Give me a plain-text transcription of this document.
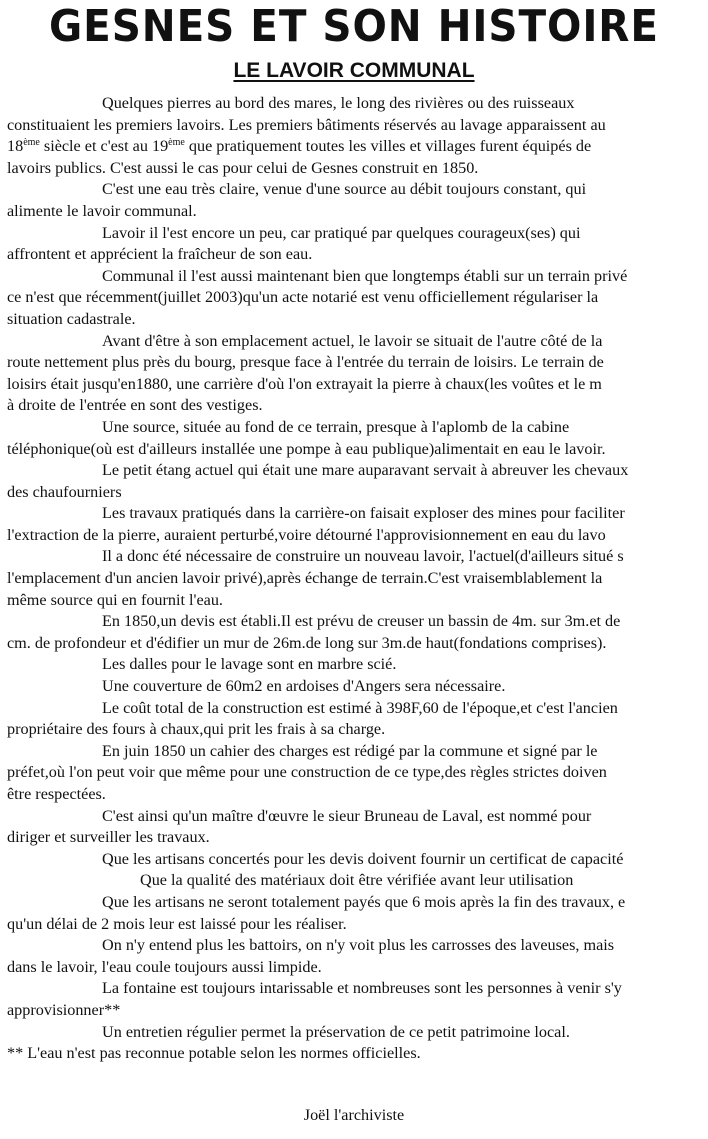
GESNES ET SON HISTOIRE
LE LAVOIR COMMUNAL
Quelques pierres au bord des mares, le long des rivières ou des ruisseaux
constituaient les premiers lavoirs. Les premiers bâtiments réservés au lavage apparaissent au
18ème siècle et c'est au 19ème que pratiquement toutes les villes et villages furent équipés de
lavoirs publics. C'est aussi le cas pour celui de Gesnes construit en 1850.
C'est une eau très claire, venue d'une source au débit toujours constant, qui
alimente le lavoir communal.
Lavoir il l'est encore un peu, car pratiqué par quelques courageux(ses) qui
affrontent et apprécient la fraîcheur de son eau.
Communal il l'est aussi maintenant bien que longtemps établi sur un terrain privé
ce n'est que récemment(juillet 2003)qu'un acte notarié est venu officiellement régulariser la
situation cadastrale.
Avant d'être à son emplacement actuel, le lavoir se situait de l'autre côté de la
route nettement plus près du bourg, presque face à l'entrée du terrain de loisirs. Le terrain de
loisirs était jusqu'en1880, une carrière d'où l'on extrayait la pierre à chaux(les voûtes et le m
à droite de l'entrée en sont des vestiges.
Une source, située au fond de ce terrain, presque à l'aplomb de la cabine
téléphonique(où est d'ailleurs installée une pompe à eau publique)alimentait en eau le lavoir.
Le petit étang actuel qui était une mare auparavant servait à abreuver les chevaux
des chaufourniers
Les travaux pratiqués dans la carrière-on faisait exploser des mines pour faciliter
l'extraction de la pierre, auraient perturbé,voire détourné l'approvisionnement en eau du lavo
Il a donc été nécessaire de construire un nouveau lavoir, l'actuel(d'ailleurs situé s
l'emplacement d'un ancien lavoir privé),après échange de terrain.C'est vraisemblablement la
même source qui en fournit l'eau.
En 1850,un devis est établi.Il est prévu de creuser un bassin de 4m. sur 3m.et de
cm. de profondeur et d'édifier un mur de 26m.de long sur 3m.de haut(fondations comprises).
Les dalles pour le lavage sont en marbre scié.
Une couverture de 60m2 en ardoises d'Angers sera nécessaire.
Le coût total de la construction est estimé à 398F,60 de l'époque,et c'est l'ancien
propriétaire des fours à chaux,qui prit les frais à sa charge.
En juin 1850 un cahier des charges est rédigé par la commune et signé par le
préfet,où l'on peut voir que même pour une construction de ce type,des règles strictes doiven
être respectées.
C'est ainsi qu'un maître d'œuvre le sieur Bruneau de Laval, est nommé pour
diriger et surveiller les travaux.
Que les artisans concertés pour les devis doivent fournir un certificat de capacité
Que la qualité des matériaux doit être vérifiée avant leur utilisation
Que les artisans ne seront totalement payés que 6 mois après la fin des travaux, e
qu'un délai de 2 mois leur est laissé pour les réaliser.
On n'y entend plus les battoirs, on n'y voit plus les carrosses des laveuses, mais
dans le lavoir, l'eau coule toujours aussi limpide.
La fontaine est toujours intarissable et nombreuses sont les personnes à venir s'y
approvisionner**
Un entretien régulier permet la préservation de ce petit patrimoine local.
** L'eau n'est pas reconnue potable selon les normes officielles.
Joël l'archiviste
